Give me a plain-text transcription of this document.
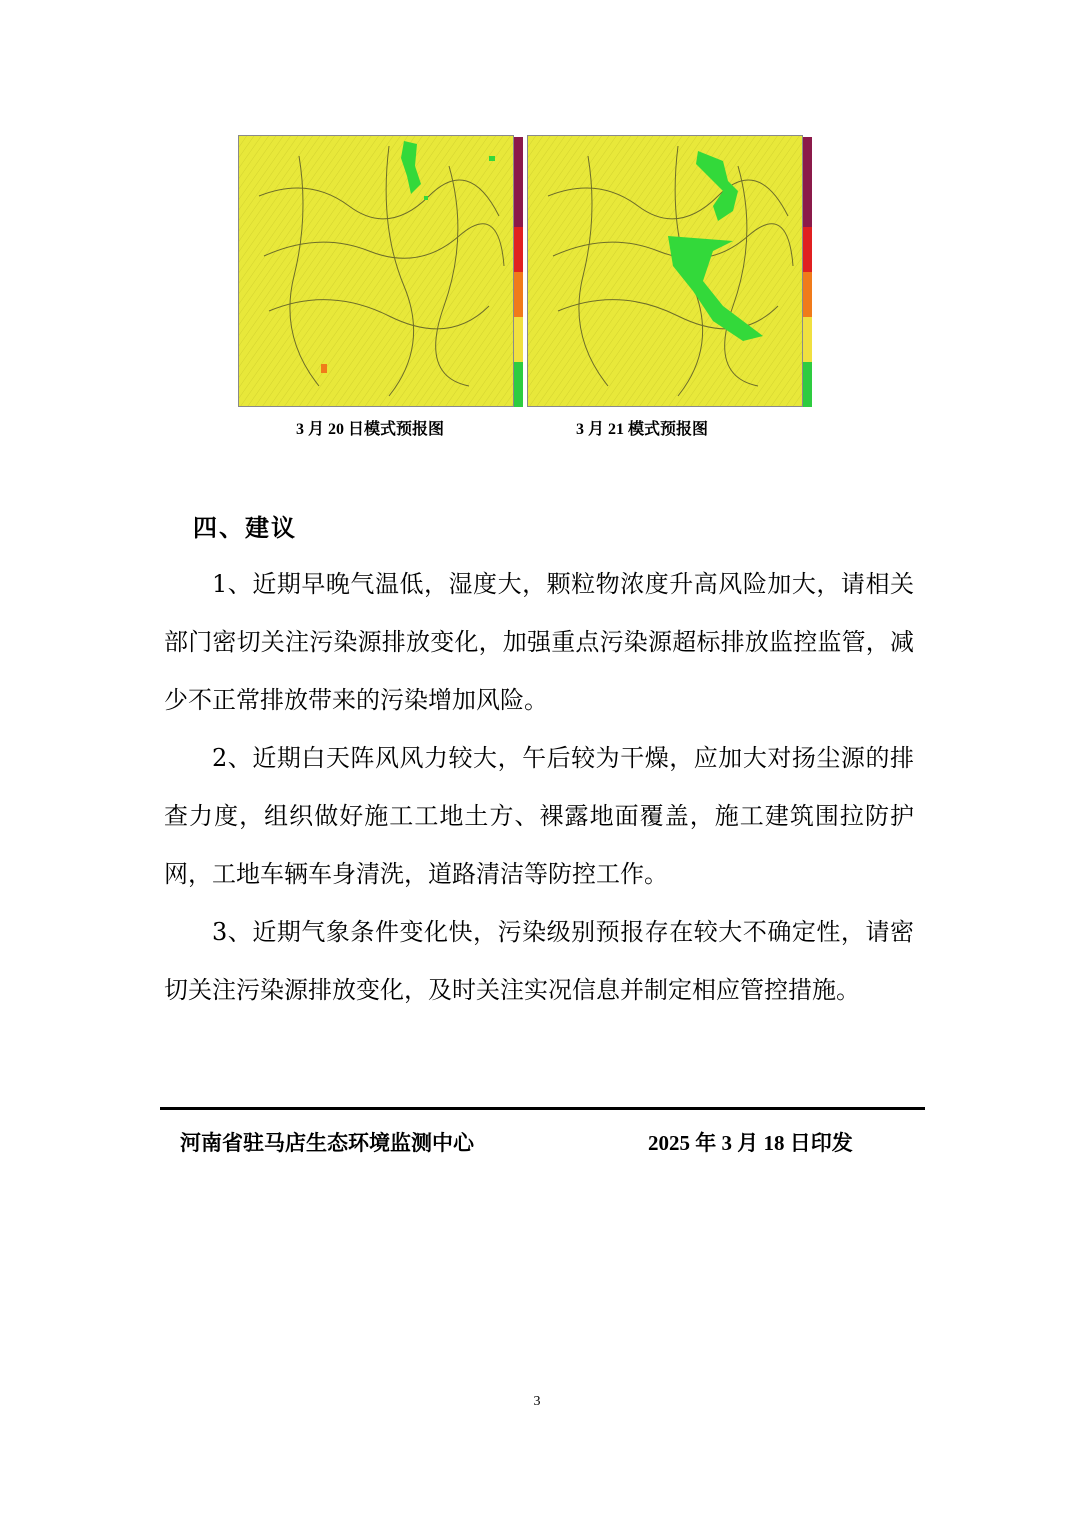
3 月 20 日模式预报图	3 月 21 模式预报图
四、建议
1、近期早晚气温低，湿度大，颗粒物浓度升高风险加大，请相关部门密切关注污染源排放变化，加强重点污染源超标排放监控监管，减少不正常排放带来的污染增加风险。
2、近期白天阵风风力较大，午后较为干燥，应加大对扬尘源的排查力度，组织做好施工工地土方、裸露地面覆盖，施工建筑围拉防护网，工地车辆车身清洗，道路清洁等防控工作。
3、近期气象条件变化快，污染级别预报存在较大不确定性，请密切关注污染源排放变化，及时关注实况信息并制定相应管控措施。
河南省驻马店生态环境监测中心	2025 年 3 月 18 日印发
3
